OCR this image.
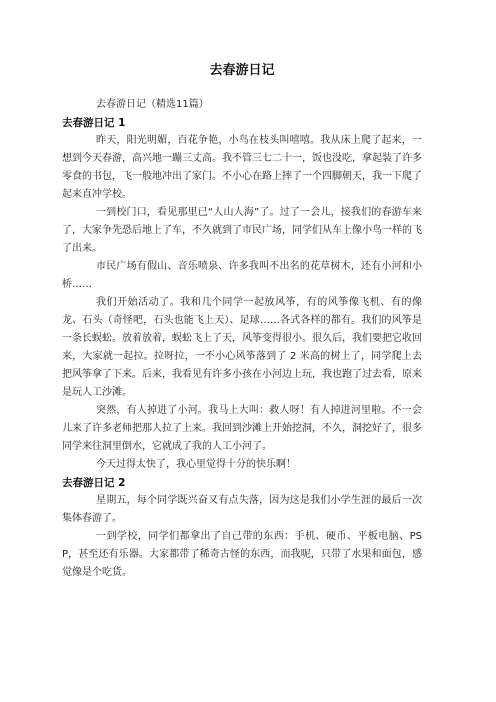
去春游日记

去春游日记（精选11篇）

去春游日记 1

昨天，阳光明媚，百花争艳，小鸟在枝头叫嘻嘻。我从床上爬了起来，一想到今天春游，高兴地一蹦三丈高。我不管三七二十一，饭也没吃，拿起装了许多零食的书包，飞一般地冲出了家门。不小心在路上摔了一个四脚朝天，我一下爬了起来直冲学校。

一到校门口，看见那里已“人山人海”了。过了一会儿，接我们的春游车来了，大家争先恐后地上了车，不久就到了市民广场，同学们从车上像小鸟一样的飞了出来。

市民广场有假山、音乐喷泉、许多我叫不出名的花草树木，还有小河和小桥……

我们开始活动了。我和几个同学一起放风筝，有的风筝像飞机、有的像龙、石头（奇怪吧，石头也能飞上天）、足球……各式各样的都有。我们的风筝是一条长蜈蚣。放着放着，蜈蚣飞上了天，风筝变得很小。很久后，我们要把它收回来，大家就一起拉。拉呀拉，一不小心风筝落到了 2 米高的树上了，同学爬上去把风筝拿了下来。后来，我看见有许多小孩在小河边上玩，我也跑了过去看，原来是玩人工沙滩。

突然，有人掉进了小河。我马上大叫：救人呀！有人掉进河里啦。不一会儿来了许多老师把那人拉了上来。我回到沙滩上开始挖洞，不久，洞挖好了，很多同学来往洞里倒水，它就成了我的人工小河了。

今天过得太快了，我心里觉得十分的快乐啊！

去春游日记 2

星期五，每个同学既兴奋又有点失落，因为这是我们小学生涯的最后一次集体春游了。

一到学校，同学们都拿出了自己带的东西：手机、硬币、平板电脑、PSP，甚至还有乐器。大家都带了稀奇古怪的东西，而我呢，只带了水果和面包，感觉像是个吃货。
